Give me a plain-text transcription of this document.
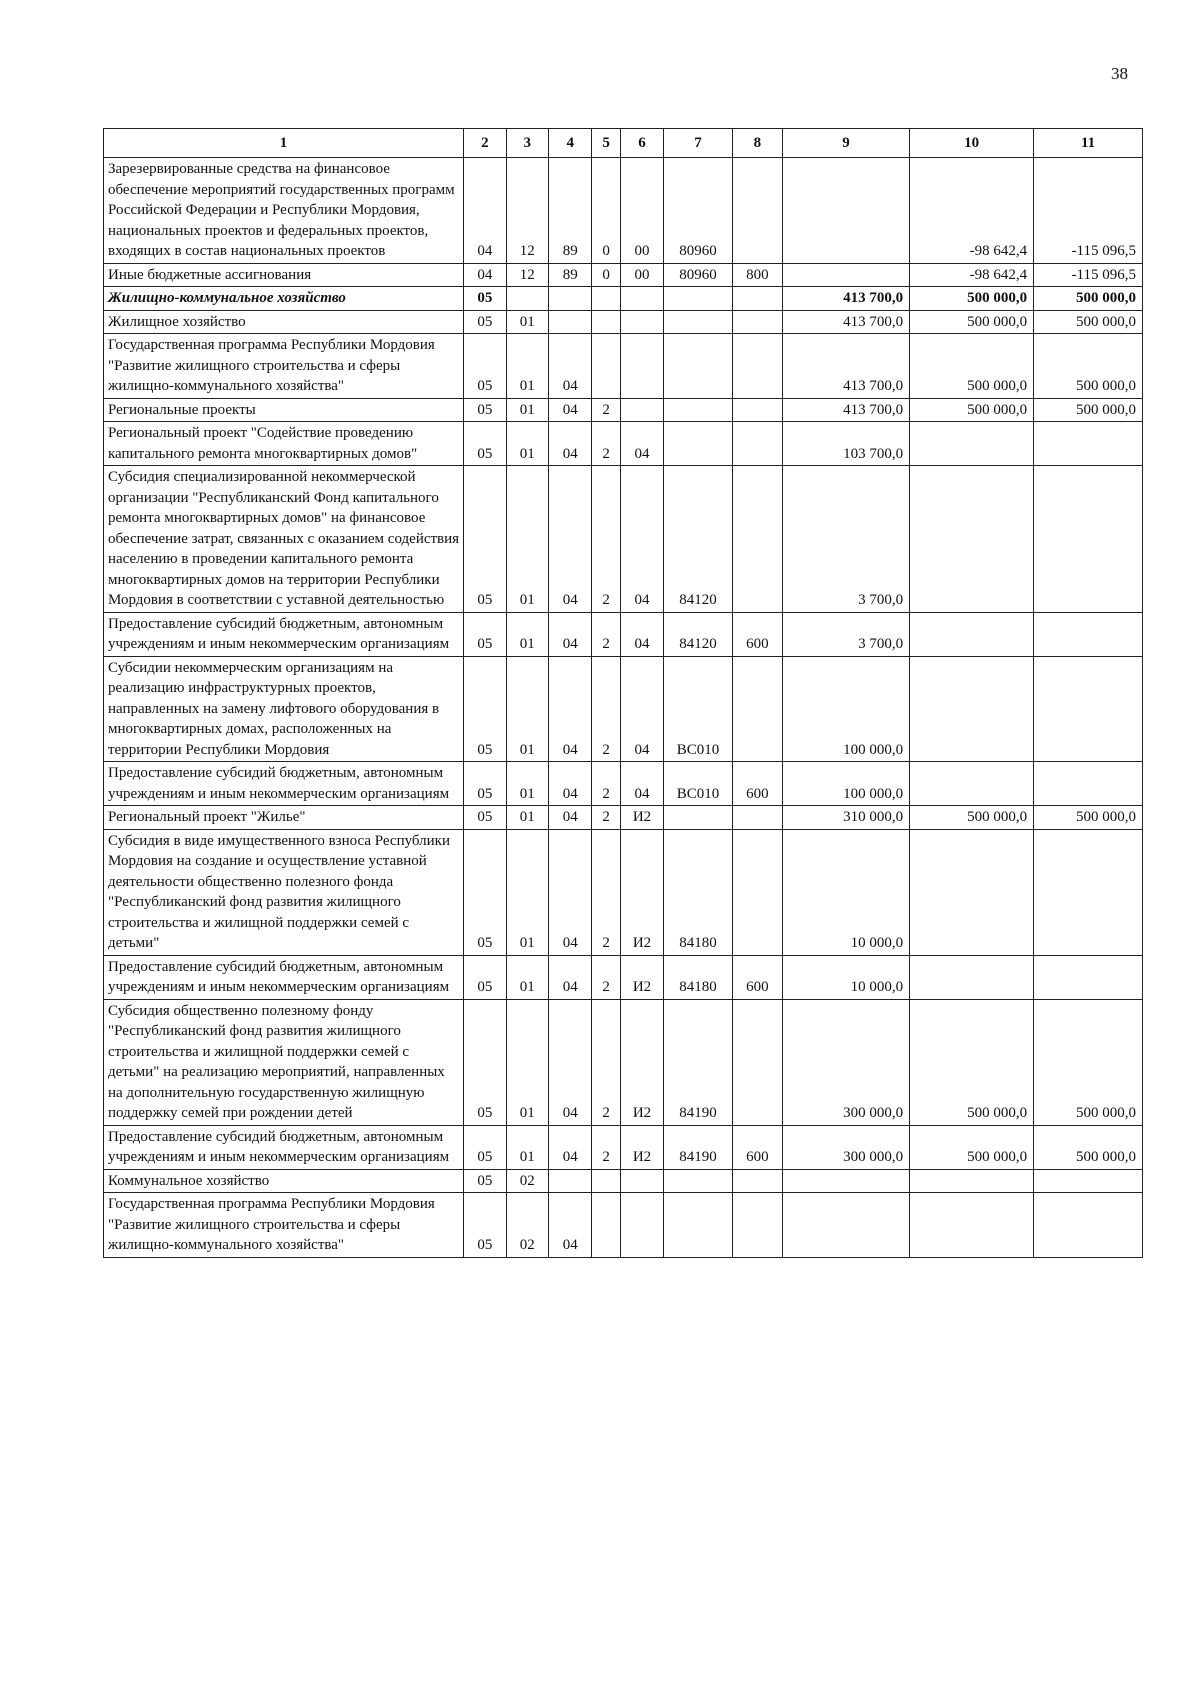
38
1	2	3	4	5	6	7	8	9	10	11
Зарезервированные средства на финансовое обеспечение мероприятий государственных программ Российской Федерации и Республики Мордовия, национальных проектов и федеральных проектов, входящих в состав национальных проектов	04	12	89	0	00	80960			-98 642,4	-115 096,5
Иные бюджетные ассигнования	04	12	89	0	00	80960	800		-98 642,4	-115 096,5
Жилищно-коммунальное хозяйство	05							413 700,0	500 000,0	500 000,0
Жилищное хозяйство	05	01						413 700,0	500 000,0	500 000,0
Государственная программа Республики Мордовия "Развитие жилищного строительства и сферы жилищно-коммунального хозяйства"	05	01	04					413 700,0	500 000,0	500 000,0
Региональные проекты	05	01	04	2				413 700,0	500 000,0	500 000,0
Региональный проект "Содействие проведению капитального ремонта многоквартирных домов"	05	01	04	2	04			103 700,0		
Субсидия специализированной некоммерческой организации "Республиканский Фонд капитального ремонта многоквартирных домов" на финансовое обеспечение затрат, связанных с оказанием содействия населению в проведении капитального ремонта многоквартирных домов на территории Республики Мордовия в соответствии с уставной деятельностью	05	01	04	2	04	84120		3 700,0		
Предоставление субсидий бюджетным, автономным учреждениям и иным некоммерческим организациям	05	01	04	2	04	84120	600	3 700,0		
Субсидии некоммерческим организациям на реализацию инфраструктурных проектов, направленных на замену лифтового оборудования в многоквартирных домах, расположенных на территории Республики Мордовия	05	01	04	2	04	ВС010		100 000,0		
Предоставление субсидий бюджетным, автономным учреждениям и иным некоммерческим организациям	05	01	04	2	04	ВС010	600	100 000,0		
Региональный проект "Жилье"	05	01	04	2	И2			310 000,0	500 000,0	500 000,0
Субсидия в виде имущественного взноса Республики Мордовия на создание и осуществление уставной деятельности общественно полезного фонда "Республиканский фонд развития жилищного строительства и жилищной поддержки семей с детьми"	05	01	04	2	И2	84180		10 000,0		
Предоставление субсидий бюджетным, автономным учреждениям и иным некоммерческим организациям	05	01	04	2	И2	84180	600	10 000,0		
Субсидия общественно полезному фонду "Республиканский фонд развития жилищного строительства и жилищной поддержки семей с детьми" на реализацию мероприятий, направленных на дополнительную государственную жилищную поддержку семей при рождении детей	05	01	04	2	И2	84190		300 000,0	500 000,0	500 000,0
Предоставление субсидий бюджетным, автономным учреждениям и иным некоммерческим организациям	05	01	04	2	И2	84190	600	300 000,0	500 000,0	500 000,0
Коммунальное хозяйство	05	02								
Государственная программа Республики Мордовия "Развитие жилищного строительства и сферы жилищно-коммунального хозяйства"	05	02	04							
